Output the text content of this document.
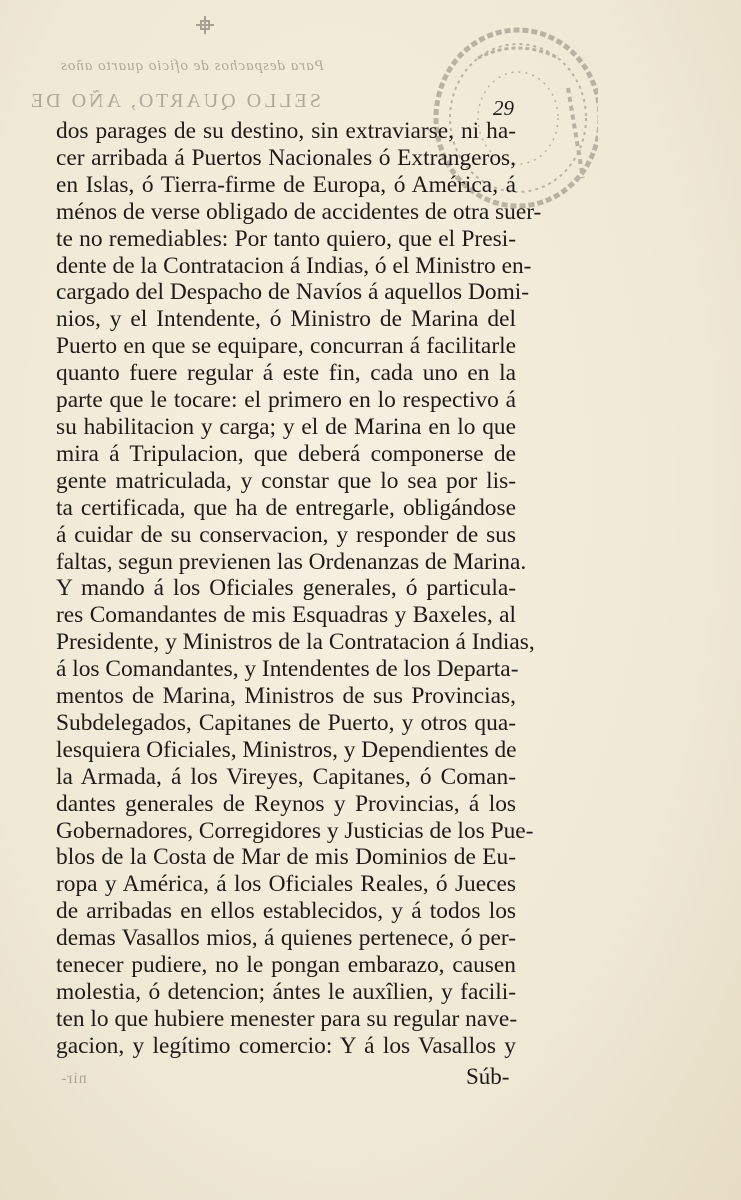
Para despachos de oficio quarto años
SELLO QUARTO, AÑO DE
nir-
29
dos parages de su destino, sin extraviarse, ni ha-
cer arribada á Puertos Nacionales ó Extrangeros,
en Islas, ó Tierra-firme de Europa, ó América, á
ménos de verse obligado de accidentes de otra suer-
te no remediables: Por tanto quiero, que el Presi-
dente de la Contratacion á Indias, ó el Ministro en-
cargado del Despacho de Navíos á aquellos Domi-
nios, y el Intendente, ó Ministro de Marina del
Puerto en que se equipare, concurran á facilitarle
quanto fuere regular á este fin, cada uno en la
parte que le tocare: el primero en lo respectivo á
su habilitacion y carga; y el de Marina en lo que
mira á Tripulacion, que deberá componerse de
gente matriculada, y constar que lo sea por lis-
ta certificada, que ha de entregarle, obligándose
á cuidar de su conservacion, y responder de sus
faltas, segun previenen las Ordenanzas de Marina.
Y mando á los Oficiales generales, ó particula-
res Comandantes de mis Esquadras y Baxeles, al
Presidente, y Ministros de la Contratacion á Indias,
á los Comandantes, y Intendentes de los Departa-
mentos de Marina, Ministros de sus Provincias,
Subdelegados, Capitanes de Puerto, y otros qua-
lesquiera Oficiales, Ministros, y Dependientes de
la Armada, á los Vireyes, Capitanes, ó Coman-
dantes generales de Reynos y Provincias, á los
Gobernadores, Corregidores y Justicias de los Pue-
blos de la Costa de Mar de mis Dominios de Eu-
ropa y América, á los Oficiales Reales, ó Jueces
de arribadas en ellos establecidos, y á todos los
demas Vasallos mios, á quienes pertenece, ó per-
tenecer pudiere, no le pongan embarazo, causen
molestia, ó detencion; ántes le auxîlien, y facili-
ten lo que hubiere menester para su regular nave-
gacion, y legítimo comercio: Y á los Vasallos y
Súb-
